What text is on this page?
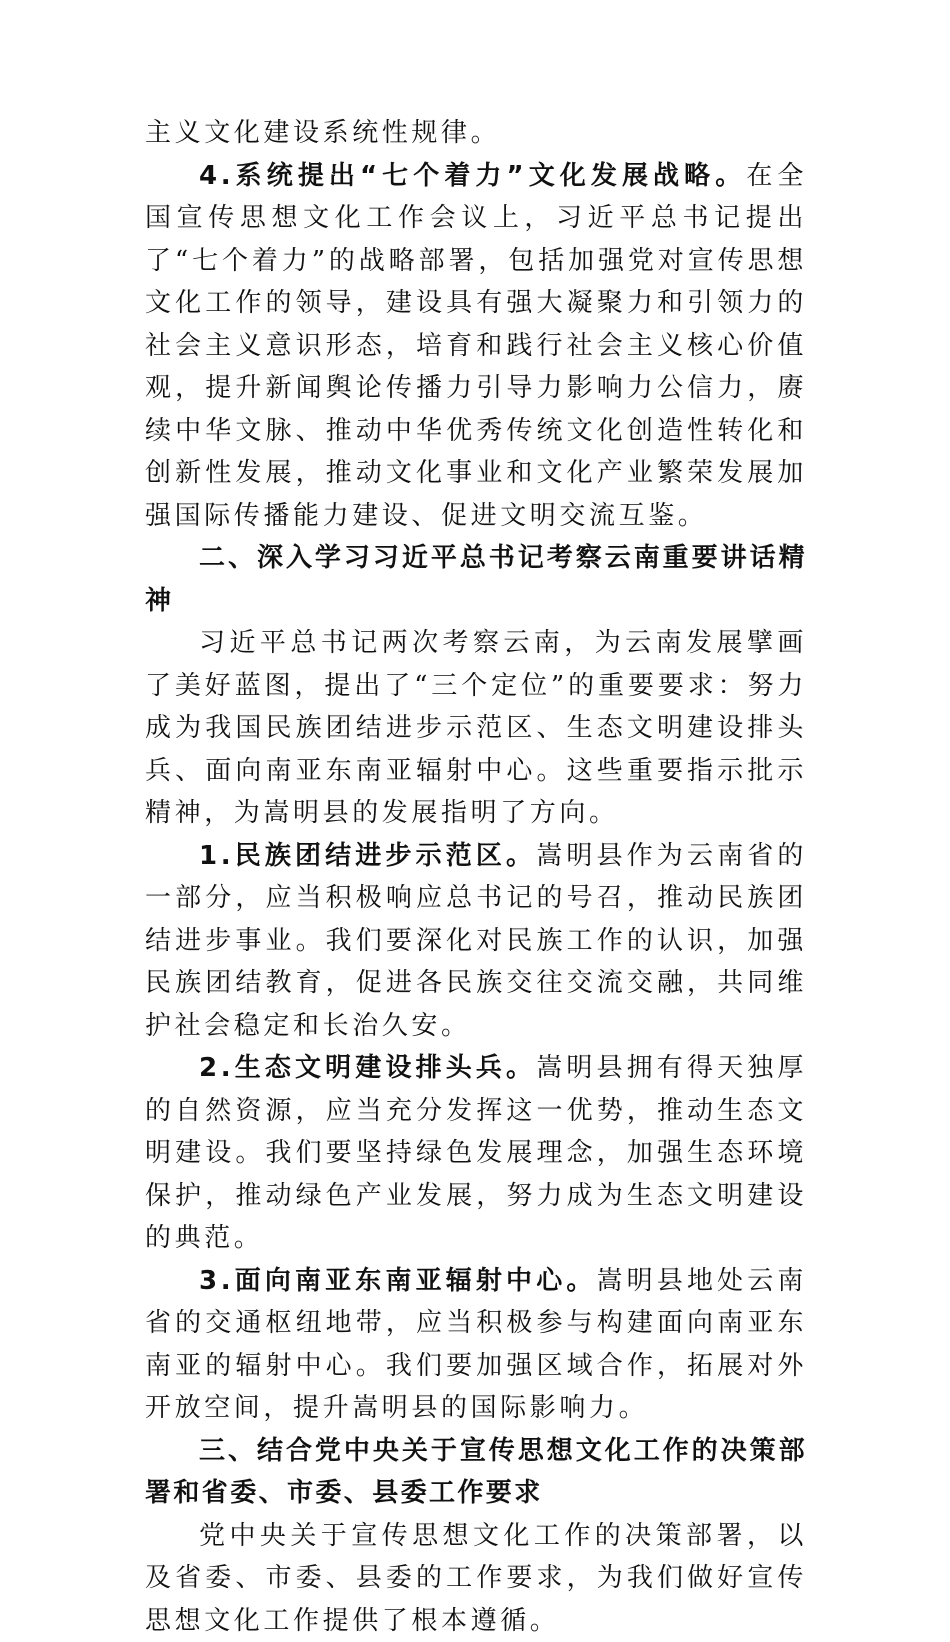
主义文化建设系统性规律。

4.系统提出“七个着力”文化发展战略。在全国宣传思想文化工作会议上，习近平总书记提出了“七个着力”的战略部署，包括加强党对宣传思想文化工作的领导，建设具有强大凝聚力和引领力的社会主义意识形态，培育和践行社会主义核心价值观，提升新闻舆论传播力引导力影响力公信力，赓续中华文脉、推动中华优秀传统文化创造性转化和创新性发展，推动文化事业和文化产业繁荣发展加强国际传播能力建设、促进文明交流互鉴。

二、深入学习习近平总书记考察云南重要讲话精神

习近平总书记两次考察云南，为云南发展擘画了美好蓝图，提出了“三个定位”的重要要求：努力成为我国民族团结进步示范区、生态文明建设排头兵、面向南亚东南亚辐射中心。这些重要指示批示精神，为嵩明县的发展指明了方向。

1.民族团结进步示范区。嵩明县作为云南省的一部分，应当积极响应总书记的号召，推动民族团结进步事业。我们要深化对民族工作的认识，加强民族团结教育，促进各民族交往交流交融，共同维护社会稳定和长治久安。

2.生态文明建设排头兵。嵩明县拥有得天独厚的自然资源，应当充分发挥这一优势，推动生态文明建设。我们要坚持绿色发展理念，加强生态环境保护，推动绿色产业发展，努力成为生态文明建设的典范。

3.面向南亚东南亚辐射中心。嵩明县地处云南省的交通枢纽地带，应当积极参与构建面向南亚东南亚的辐射中心。我们要加强区域合作，拓展对外开放空间，提升嵩明县的国际影响力。

三、结合党中央关于宣传思想文化工作的决策部署和省委、市委、县委工作要求

党中央关于宣传思想文化工作的决策部署，以及省委、市委、县委的工作要求，为我们做好宣传思想文化工作提供了根本遵循。
